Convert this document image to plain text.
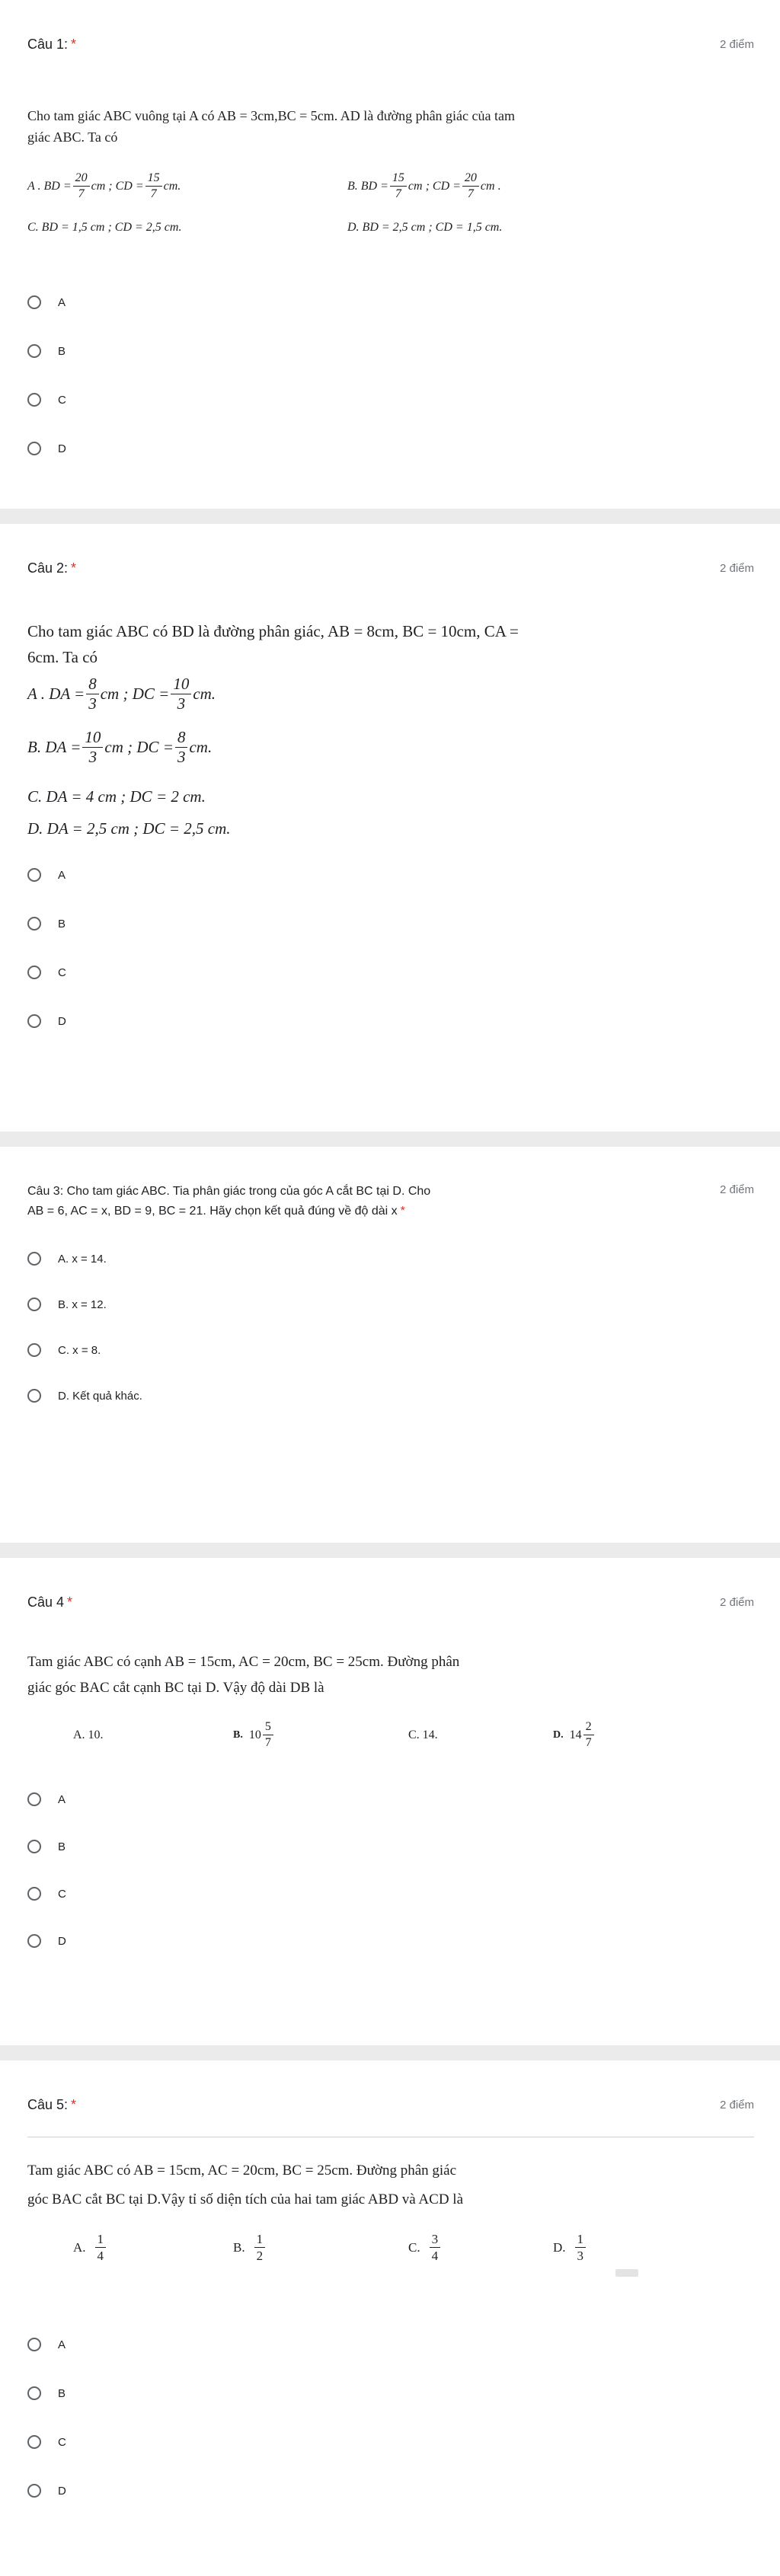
Câu 1: *	2 điểm
Cho tam giác ABC vuông tại A có AB = 3cm,BC = 5cm. AD là đường phân giác của tam
giác ABC. Ta có
A . BD = $\frac{20}{7}$ cm ; CD = $\frac{15}{7}$ cm.	B. BD = $\frac{15}{7}$ cm ; CD = $\frac{20}{7}$ cm .
C. BD = 1,5 cm ; CD = 2,5 cm.	D. BD = 2,5 cm ; CD = 1,5 cm.
A
B
C
D
Câu 2: *	2 điểm
Cho tam giác ABC có BD là đường phân giác, AB = 8cm, BC = 10cm, CA =
6cm. Ta có
A . DA = $\frac{8}{3}$ cm ; DC = $\frac{10}{3}$ cm.
B. DA = $\frac{10}{3}$ cm ; DC = $\frac{8}{3}$ cm.
C. DA = 4 cm ; DC = 2 cm.
D. DA = 2,5 cm ; DC = 2,5 cm.
A
B
C
D
Câu 3: Cho tam giác ABC. Tia phân giác trong của góc A cắt BC tại D. Cho
AB = 6, AC = x, BD = 9, BC = 21. Hãy chọn kết quả đúng về độ dài x *
2 điểm
A. x = 14.
B. x = 12.
C. x = 8.
D. Kết quả khác.
Câu 4 *	2 điểm
Tam giác ABC có cạnh AB = 15cm, AC = 20cm, BC = 25cm. Đường phân
giác góc BAC cắt cạnh BC tại D. Vậy độ dài DB là
A. 10.	B. $10 \frac{5}{7}$	C. 14.	D. $14 \frac{2}{7}$
A
B
C
D
Câu 5: *	2 điểm
Tam giác ABC có AB = 15cm, AC = 20cm, BC = 25cm. Đường phân giác
góc BAC cắt BC tại D.Vậy tỉ số diện tích của hai tam giác ABD và ACD là
A. $\frac{1}{4}$	B. $\frac{1}{2}$	C. $\frac{3}{4}$	D. $\frac{1}{3}$
A
B
C
D
